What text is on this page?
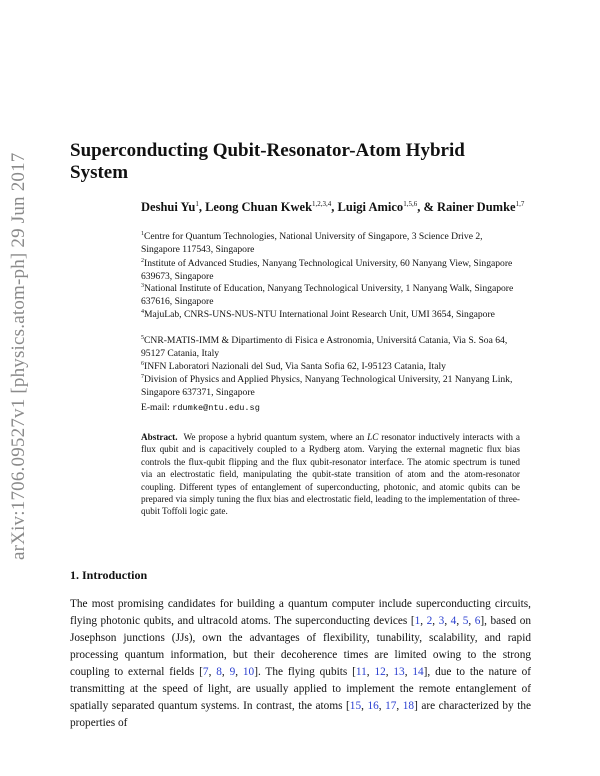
arXiv:1706.09527v1 [physics.atom-ph] 29 Jun 2017
Superconducting Qubit-Resonator-Atom Hybrid System
Deshui Yu$^1$, Leong Chuan Kwek$^{1,2,3,4}$, Luigi Amico$^{1,5,6}$, & Rainer Dumke$^{1,7}$
$^1$Centre for Quantum Technologies, National University of Singapore, 3 Science Drive 2, Singapore 117543, Singapore
$^2$Institute of Advanced Studies, Nanyang Technological University, 60 Nanyang View, Singapore 639673, Singapore
$^3$National Institute of Education, Nanyang Technological University, 1 Nanyang Walk, Singapore 637616, Singapore
$^4$MajuLab, CNRS-UNS-NUS-NTU International Joint Research Unit, UMI 3654, Singapore
$^5$CNR-MATIS-IMM & Dipartimento di Fisica e Astronomia, Universitá Catania, Via S. Soa 64, 95127 Catania, Italy
$^6$INFN Laboratori Nazionali del Sud, Via Santa Sofia 62, I-95123 Catania, Italy
$^7$Division of Physics and Applied Physics, Nanyang Technological University, 21 Nanyang Link, Singapore 637371, Singapore
E-mail: rdumke@ntu.edu.sg
Abstract. We propose a hybrid quantum system, where an LC resonator inductively interacts with a flux qubit and is capacitively coupled to a Rydberg atom. Varying the external magnetic flux bias controls the flux-qubit flipping and the flux qubit-resonator interface. The atomic spectrum is tuned via an electrostatic field, manipulating the qubit-state transition of atom and the atom-resonator coupling. Different types of entanglement of superconducting, photonic, and atomic qubits can be prepared via simply tuning the flux bias and electrostatic field, leading to the implementation of three-qubit Toffoli logic gate.
1. Introduction
The most promising candidates for building a quantum computer include superconducting circuits, flying photonic qubits, and ultracold atoms. The superconducting devices [1, 2, 3, 4, 5, 6], based on Josephson junctions (JJs), own the advantages of flexibility, tunability, scalability, and rapid processing quantum information, but their decoherence times are limited owing to the strong coupling to external fields [7, 8, 9, 10]. The flying qubits [11, 12, 13, 14], due to the nature of transmitting at the speed of light, are usually applied to implement the remote entanglement of spatially separated quantum systems. In contrast, the atoms [15, 16, 17, 18] are characterized by the properties of
